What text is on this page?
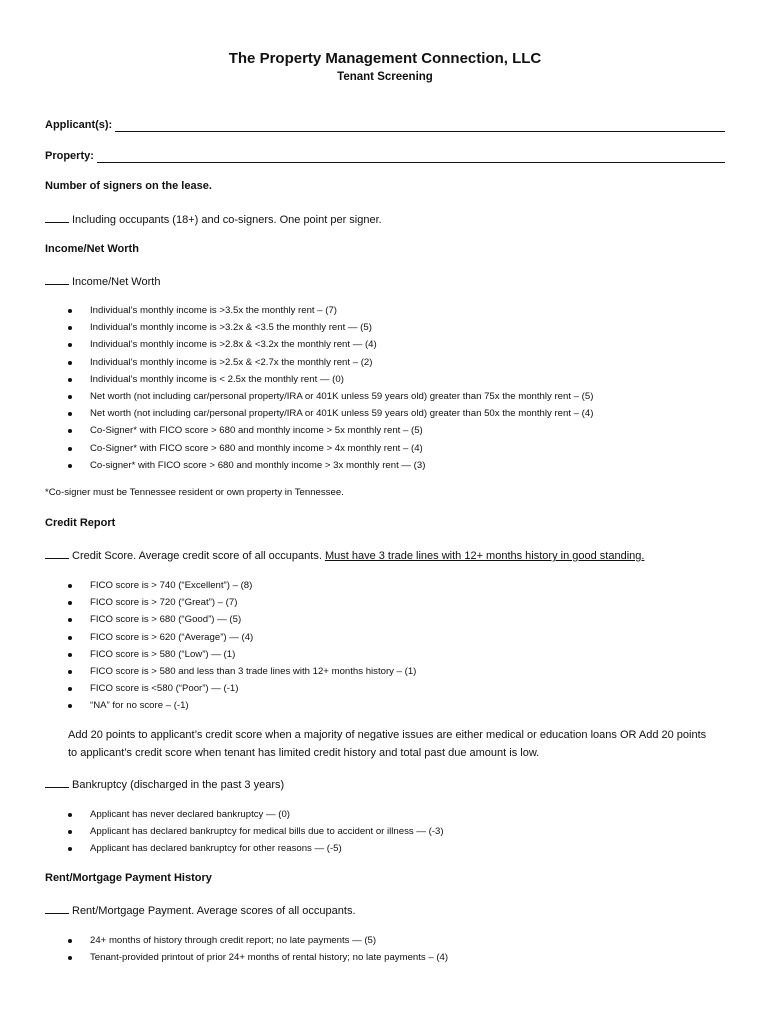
The Property Management Connection, LLC
Tenant Screening
Applicant(s):
Property:
Number of signers on the lease.
Including occupants (18+) and co-signers. One point per signer.
Income/Net Worth
Income/Net Worth
Individual’s monthly income is >3.5x the monthly rent – (7)
Individual’s monthly income is >3.2x & <3.5 the monthly rent — (5)
Individual’s monthly income is >2.8x & <3.2x the monthly rent — (4)
Individual’s monthly income is >2.5x & <2.7x the monthly rent – (2)
Individual’s monthly income is < 2.5x the monthly rent — (0)
Net worth (not including car/personal property/IRA or 401K unless 59 years old) greater than 75x the monthly rent – (5)
Net worth (not including car/personal property/IRA or 401K unless 59 years old) greater than 50x the monthly rent – (4)
Co-Signer* with FICO score > 680 and monthly income > 5x monthly rent – (5)
Co-Signer* with FICO score > 680 and monthly income > 4x monthly rent – (4)
Co-signer* with FICO score > 680 and monthly income > 3x monthly rent — (3)
*Co-signer must be Tennessee resident or own property in Tennessee.
Credit Report
Credit Score. Average credit score of all occupants. Must have 3 trade lines with 12+ months history in good standing.
FICO score is > 740 (“Excellent”) – (8)
FICO score is > 720 (“Great”) – (7)
FICO score is > 680 (“Good”) — (5)
FICO score is > 620 (“Average”) — (4)
FICO score is > 580 (“Low”) — (1)
FICO score is > 580 and less than 3 trade lines with 12+ months history – (1)
FICO score is <580 (“Poor”) — (-1)
“NA” for no score – (-1)
Add 20 points to applicant’s credit score when a majority of negative issues are either medical or education loans OR Add 20 points to applicant’s credit score when tenant has limited credit history and total past due amount is low.
Bankruptcy (discharged in the past 3 years)
Applicant has never declared bankruptcy — (0)
Applicant has declared bankruptcy for medical bills due to accident or illness — (-3)
Applicant has declared bankruptcy for other reasons — (-5)
Rent/Mortgage Payment History
Rent/Mortgage Payment. Average scores of all occupants.
24+ months of history through credit report; no late payments — (5)
Tenant-provided printout of prior 24+ months of rental history; no late payments – (4)
